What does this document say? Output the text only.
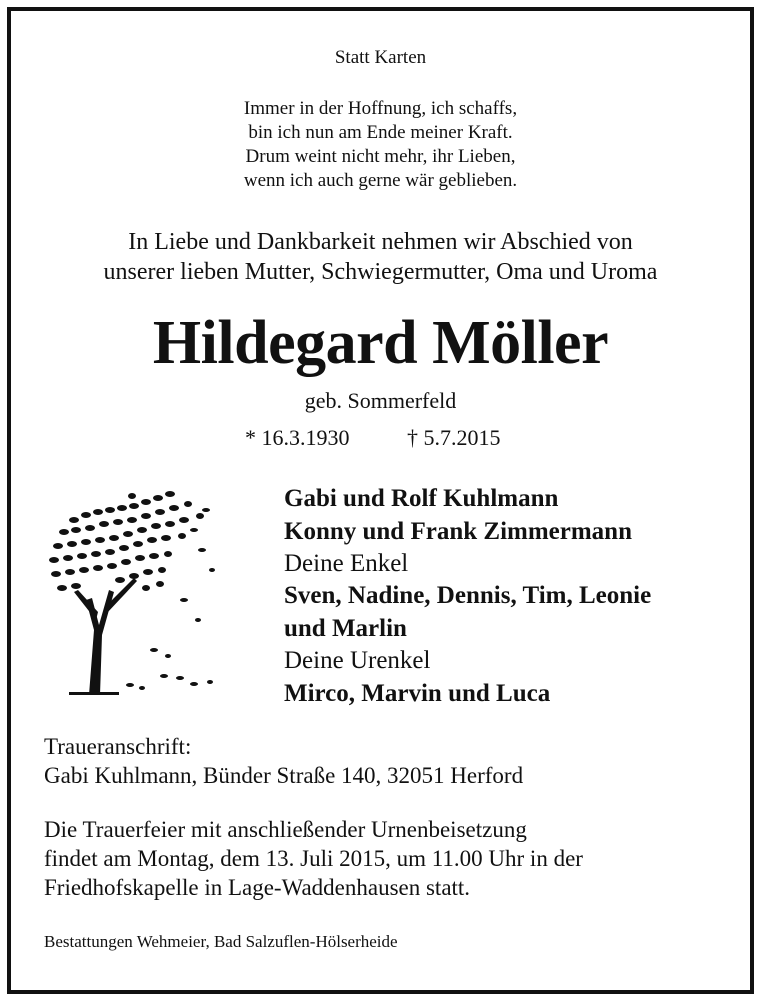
Statt Karten
Immer in der Hoffnung, ich schaffs,
bin ich nun am Ende meiner Kraft.
Drum weint nicht mehr, ihr Lieben,
wenn ich auch gerne wär geblieben.
In Liebe und Dankbarkeit nehmen wir Abschied von
unserer lieben Mutter, Schwiegermutter, Oma und Uroma
Hildegard Möller
geb. Sommerfeld
* 16.3.1930	† 5.7.2015
Gabi und Rolf Kuhlmann
Konny und Frank Zimmermann
Deine Enkel
Sven, Nadine, Dennis, Tim, Leonie
und Marlin
Deine Urenkel
Mirco, Marvin und Luca
Traueranschrift:
Gabi Kuhlmann, Bünder Straße 140, 32051 Herford
Die Trauerfeier mit anschließender Urnenbeisetzung
findet am Montag, dem 13. Juli 2015, um 11.00 Uhr in der
Friedhofskapelle in Lage-Waddenhausen statt.
Bestattungen Wehmeier, Bad Salzuflen-Hölserheide
